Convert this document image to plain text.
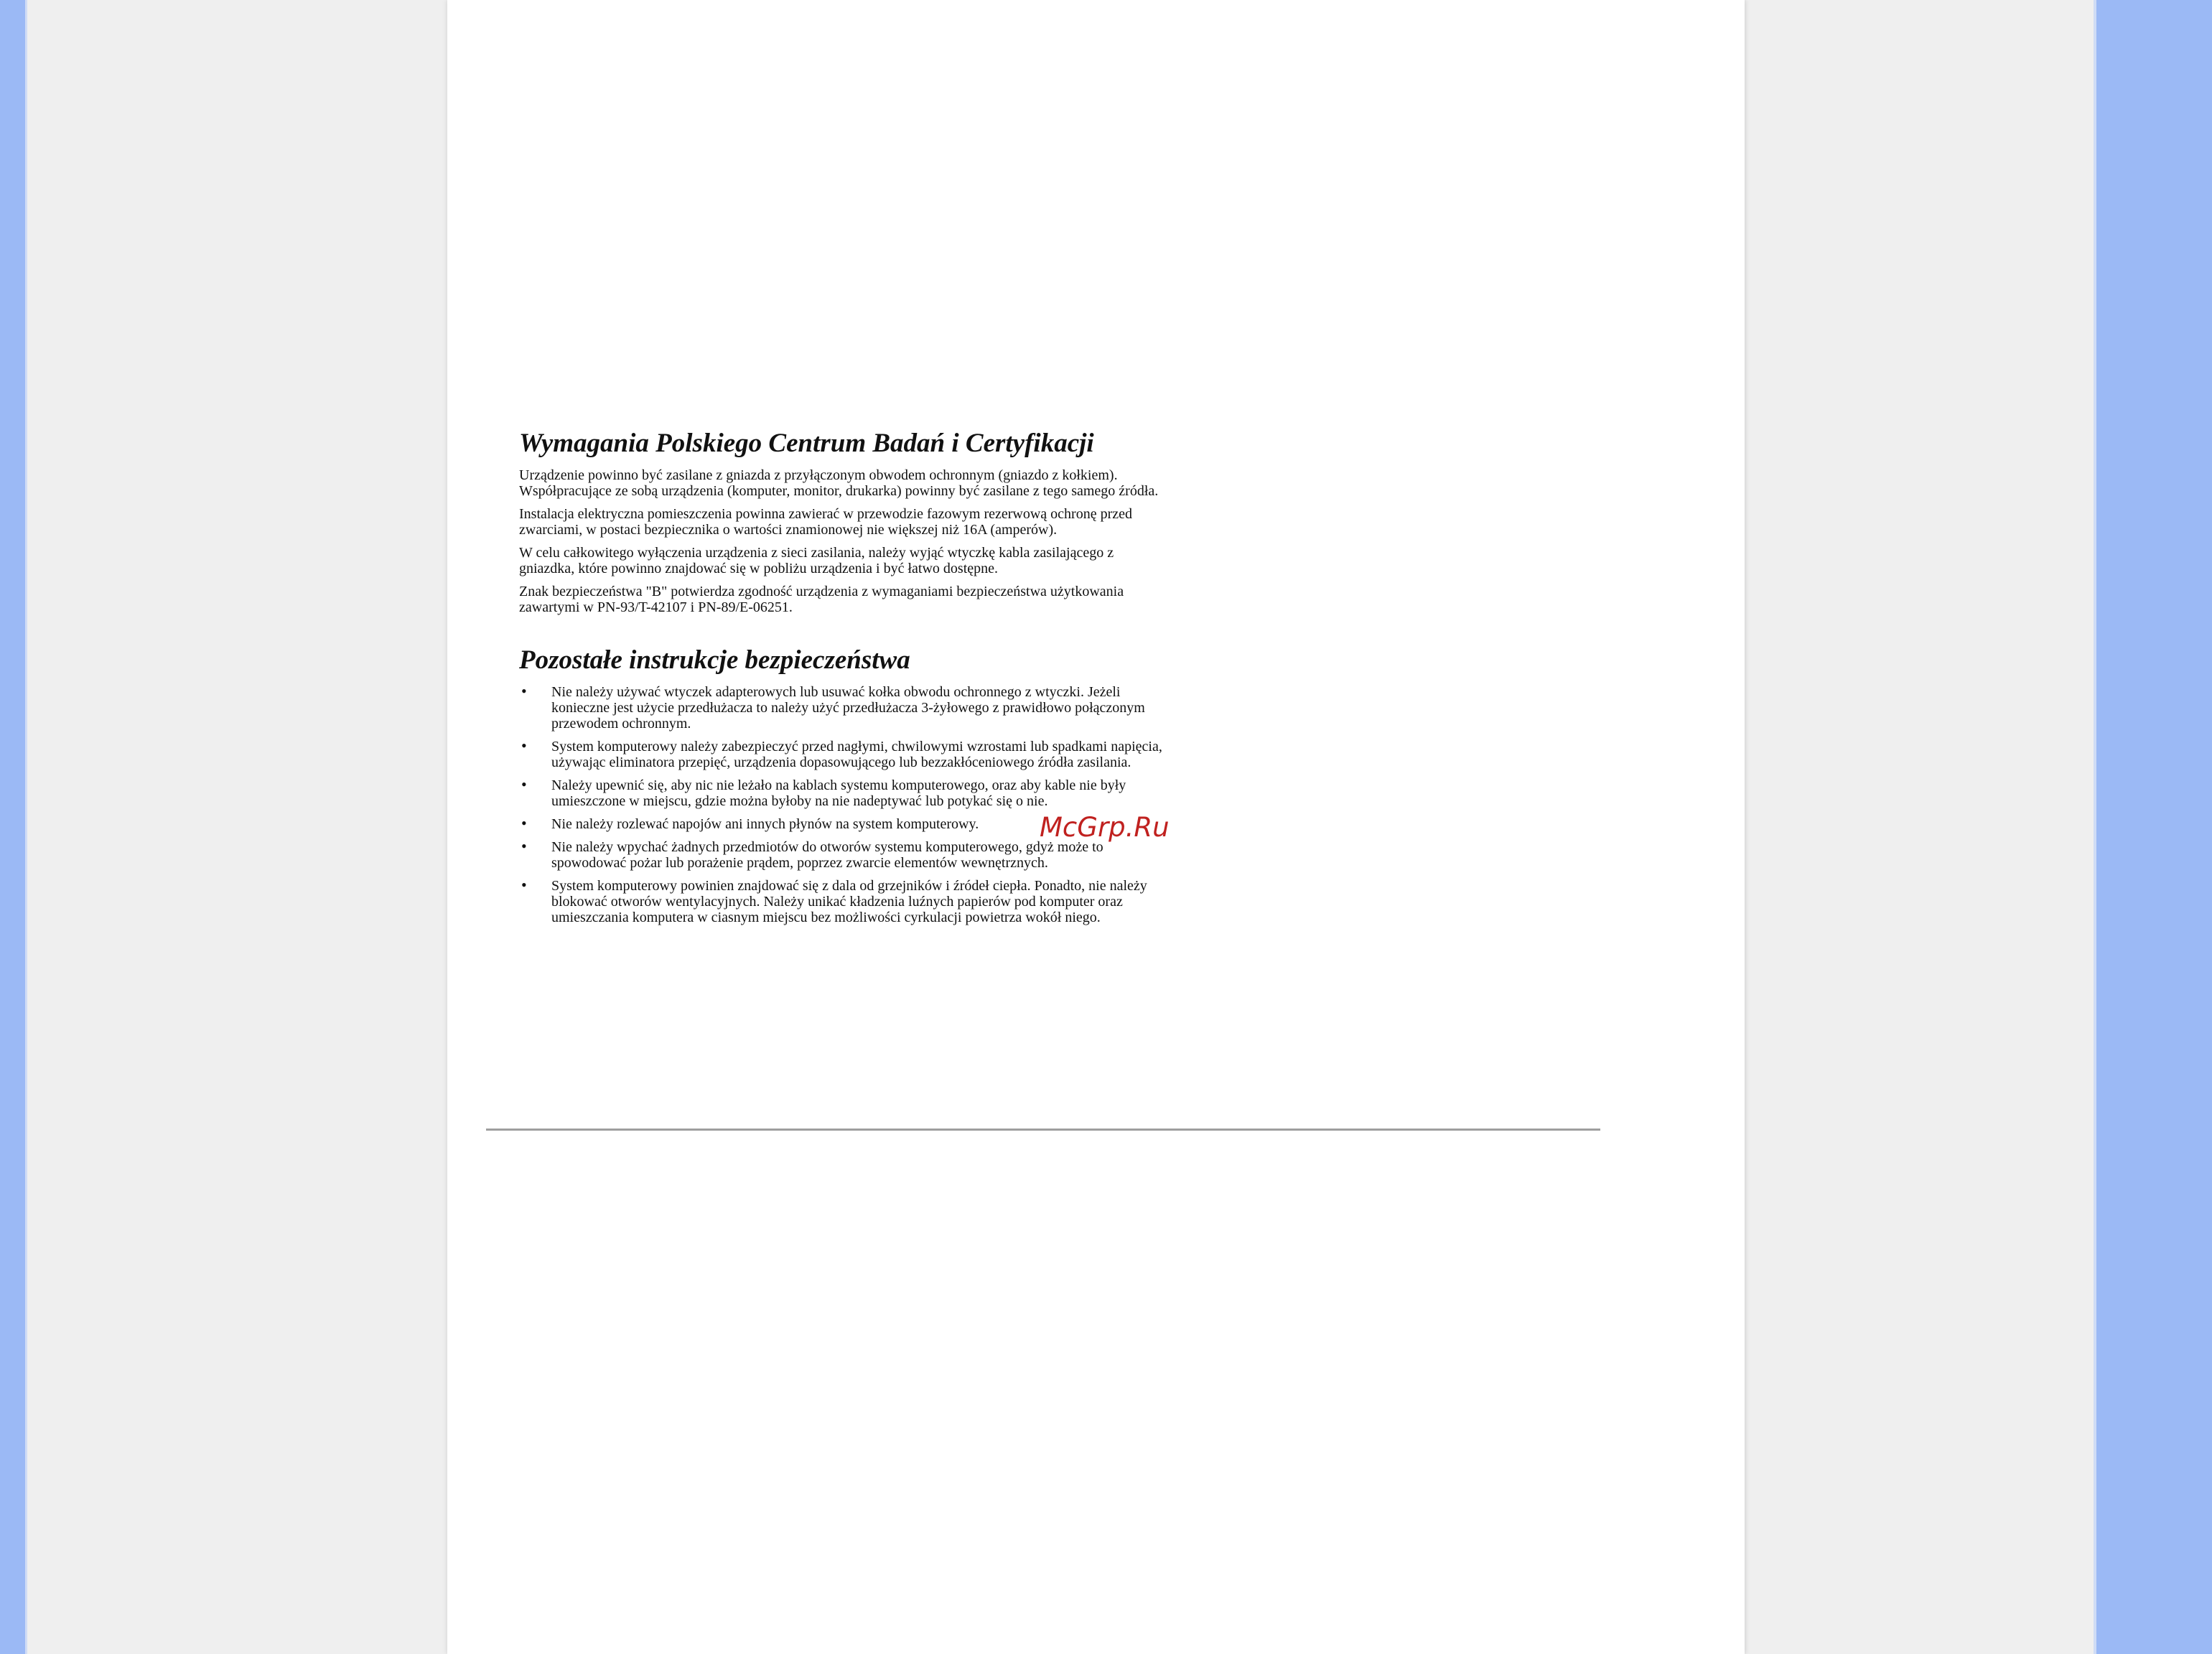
Wymagania Polskiego Centrum Badań i Certyfikacji

Urządzenie powinno być zasilane z gniazda z przyłączonym obwodem ochronnym (gniazdo z kołkiem). Współpracujące ze sobą urządzenia (komputer, monitor, drukarka) powinny być zasilane z tego samego źródła.

Instalacja elektryczna pomieszczenia powinna zawierać w przewodzie fazowym rezerwową ochronę przed zwarciami, w postaci bezpiecznika o wartości znamionowej nie większej niż 16A (amperów).

W celu całkowitego wyłączenia urządzenia z sieci zasilania, należy wyjąć wtyczkę kabla zasilającego z gniazdka, które powinno znajdować się w pobliżu urządzenia i być łatwo dostępne.

Znak bezpieczeństwa "B" potwierdza zgodność urządzenia z wymaganiami bezpieczeństwa użytkowania zawartymi w PN-93/T-42107 i PN-89/E-06251.

Pozostałe instrukcje bezpieczeństwa
• Nie należy używać wtyczek adapterowych lub usuwać kołka obwodu ochronnego z wtyczki. Jeżeli konieczne jest użycie przedłużacza to należy użyć przedłużacza 3-żyłowego z prawidłowo połączonym przewodem ochronnym.
• System komputerowy należy zabezpieczyć przed nagłymi, chwilowymi wzrostami lub spadkami napięcia, używając eliminatora przepięć, urządzenia dopasowującego lub bezzakłóceniowego źródła zasilania.
• Należy upewnić się, aby nic nie leżało na kablach systemu komputerowego, oraz aby kable nie były umieszczone w miejscu, gdzie można byłoby na nie nadeptywać lub potykać się o nie.
• Nie należy rozlewać napojów ani innych płynów na system komputerowy.
• Nie należy wpychać żadnych przedmiotów do otworów systemu komputerowego, gdyż może to spowodować pożar lub porażenie prądem, poprzez zwarcie elementów wewnętrznych.
• System komputerowy powinien znajdować się z dala od grzejników i źródeł ciepła. Ponadto, nie należy blokować otworów wentylacyjnych. Należy unikać kładzenia luźnych papierów pod komputer oraz umieszczania komputera w ciasnym miejscu bez możliwości cyrkulacji powietrza wokół niego.
McGrp.Ru
